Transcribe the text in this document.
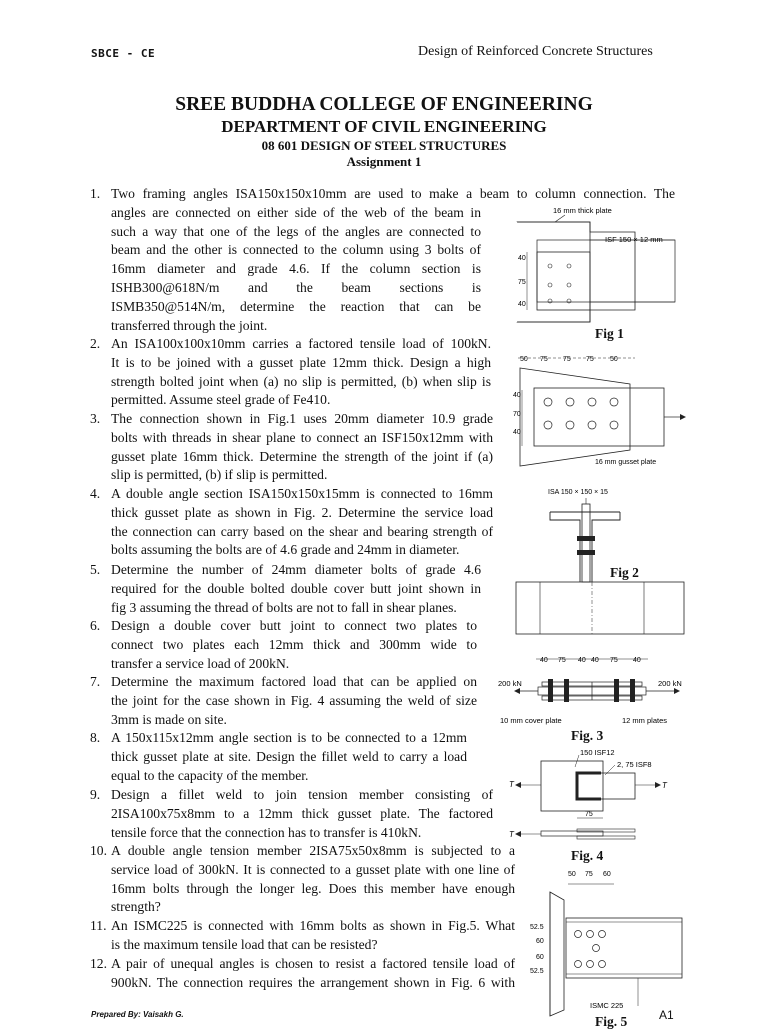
SBCE - CE	Design of Reinforced Concrete Structures
SREE BUDDHA COLLEGE OF ENGINEERING
DEPARTMENT OF CIVIL ENGINEERING
08 601 DESIGN OF STEEL STRUCTURES
Assignment 1
1. Two framing angles ISA150x150x10mm are used to make a beam to column connection. The
angles are connected on either side of the web of the beam in
such a way that one of the legs of the angles are connected to
beam and the other is connected to the column using 3 bolts of
16mm diameter and grade 4.6. If the column section is
ISHB300@618N/m and the beam sections is
ISMB350@514N/m, determine the reaction that can be
transferred through the joint.
2. An ISA100x100x10mm carries a factored tensile load of 100kN.
It is to be joined with a gusset plate 12mm thick. Design a high
strength bolted joint when (a) no slip is permitted, (b) when slip is
permitted. Assume steel grade of Fe410.
3. The connection shown in Fig.1 uses 20mm diameter 10.9 grade
bolts with threads in shear plane to connect an ISF150x12mm with
gusset plate 16mm thick. Determine the strength of the joint if (a)
slip is permitted, (b) if slip is permitted.
4. A double angle section ISA150x150x15mm is connected to 16mm
thick gusset plate as shown in Fig. 2. Determine the service load
the connection can carry based on the shear and bearing strength of
bolts assuming the bolts are of 4.6 grade and 24mm in diameter.
5. Determine the number of 24mm diameter bolts of grade 4.6
required for the double bolted double cover butt joint shown in
fig 3 assuming the thread of bolts are not to fall in shear planes.
6. Design a double cover butt joint to connect two plates to
connect two plates each 12mm thick and 300mm wide to
transfer a service load of 200kN.
7. Determine the maximum factored load that can be applied on
the joint for the case shown in Fig. 4 assuming the weld of size
3mm is made on site.
8. A 150x115x12mm angle section is to be connected to a 12mm
thick gusset plate at site. Design the fillet weld to carry a load
equal to the capacity of the member.
9. Design a fillet weld to join tension member consisting of
2ISA100x75x8mm to a 12mm thick gusset plate. The factored
tensile force that the connection has to transfer is 410kN.
10. A double angle tension member 2ISA75x50x8mm is subjected to a
service load of 300kN. It is connected to a gusset plate with one line of
16mm bolts through the longer leg. Does this member have enough
strength?
11. An ISMC225 is connected with 16mm bolts as shown in Fig.5. What
is the maximum tensile load that can be resisted?
12. A pair of unequal angles is chosen to resist a factored tensile load of
900kN. The connection requires the arrangement shown in Fig. 6 with
16 mm thick plate
ISF 150 × 12 mm
40
75
40
Fig 1
50 75 75 75 50
40
70
40
16 mm gusset plate
ISA 150 × 150 × 15
Fig 2
40 75 40 40 75 40
200 kN	200 kN
10 mm cover plate	12 mm plates
Fig. 3
150 ISF12
2, 75 ISF8
T	T
75
T
Fig. 4
50 75 60
52.5
60
60
52.5
ISMC 225
Fig. 5
Prepared By: Vaisakh G.	A1
